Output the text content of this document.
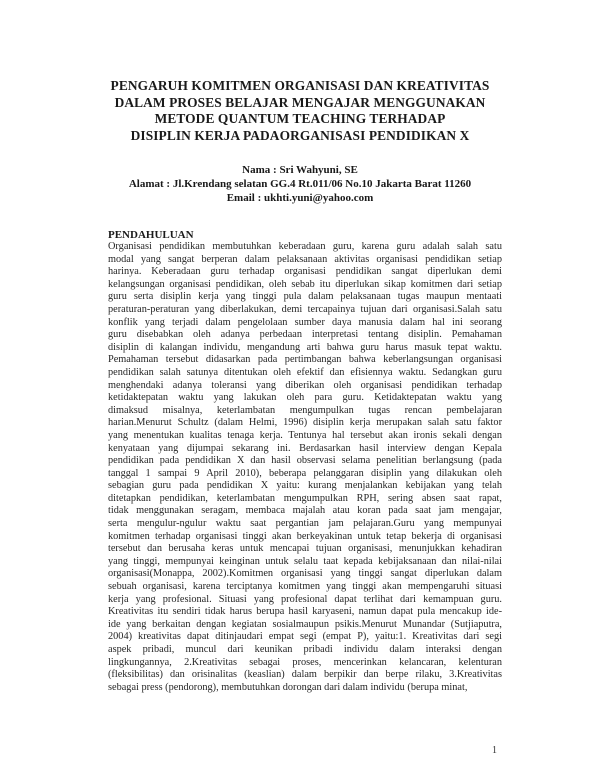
PENGARUH KOMITMEN ORGANISASI DAN KREATIVITAS
DALAM PROSES BELAJAR MENGAJAR MENGGUNAKAN
METODE QUANTUM TEACHING TERHADAP
DISIPLIN KERJA PADAORGANISASI PENDIDIKAN X
Nama : Sri Wahyuni, SE
Alamat : Jl.Krendang selatan GG.4 Rt.011/06 No.10 Jakarta Barat 11260
Email : ukhti.yuni@yahoo.com
PENDAHULUAN
Organisasi pendidikan membutuhkan keberadaan guru, karena guru adalah salah satu
modal yang sangat berperan dalam pelaksanaan aktivitas organisasi pendidikan setiap
harinya. Keberadaan guru terhadap organisasi pendidikan sangat diperlukan demi
kelangsungan organisasi pendidikan, oleh sebab itu diperlukan sikap komitmen dari setiap
guru serta disiplin kerja yang tinggi pula dalam pelaksanaan tugas maupun mentaati
peraturan-peraturan yang diberlakukan, demi tercapainya tujuan dari organisasi.Salah satu
konflik yang terjadi dalam pengelolaan sumber daya manusia dalam hal ini seorang
guru disebabkan oleh adanya perbedaan interpretasi tentang disiplin. Pemahaman
disiplin di kalangan individu, mengandung arti bahwa guru harus masuk tepat waktu.
Pemahaman tersebut didasarkan pada pertimbangan bahwa keberlangsungan organisasi
pendidikan salah satunya ditentukan oleh efektif dan efisiennya waktu. Sedangkan guru
menghendaki adanya toleransi yang diberikan oleh organisasi pendidikan terhadap
ketidaktepatan waktu yang lakukan oleh para guru. Ketidaktepatan waktu yang
dimaksud misalnya, keterlambatan mengumpulkan tugas rencan pembelajaran
harian.Menurut Schultz (dalam Helmi, 1996) disiplin kerja merupakan salah satu faktor
yang menentukan kualitas tenaga kerja. Tentunya hal tersebut akan ironis sekali dengan
kenyataan yang dijumpai sekarang ini. Berdasarkan hasil interview dengan Kepala
pendidikan pada pendidikan X dan hasil observasi selama penelitian berlangsung (pada
tanggal 1 sampai 9 April 2010), beberapa pelanggaran disiplin yang dilakukan oleh
sebagian guru pada pendidikan X yaitu: kurang menjalankan kebijakan yang telah
ditetapkan pendidikan, keterlambatan mengumpulkan RPH, sering absen saat rapat,
tidak menggunakan seragam, membaca majalah atau koran pada saat jam mengajar,
serta mengulur-ngulur waktu saat pergantian jam pelajaran.Guru yang mempunyai
komitmen terhadap organisasi tinggi akan berkeyakinan untuk tetap bekerja di organisasi
tersebut dan berusaha keras untuk mencapai tujuan organisasi, menunjukkan kehadiran
yang tinggi, mempunyai keinginan untuk selalu taat kepada kebijaksanaan dan nilai-nilai
organisasi(Monappa, 2002).Komitmen organisasi yang tinggi sangat diperlukan dalam
sebuah organisasi, karena terciptanya komitmen yang tinggi akan mempengaruhi situasi
kerja yang profesional. Situasi yang profesional dapat terlihat dari kemampuan guru.
Kreativitas itu sendiri tidak harus berupa hasil karyaseni, namun dapat pula mencakup ide-
ide yang berkaitan dengan kegiatan sosialmaupun psikis.Menurut Munandar (Sutjiaputra,
2004) kreativitas dapat ditinjaudari empat segi (empat P), yaitu:1. Kreativitas dari segi
aspek pribadi, muncul dari keunikan pribadi individu dalam interaksi dengan
lingkungannya, 2.Kreativitas sebagai proses, mencerinkan kelancaran, kelenturan
(fleksibilitas) dan orisinalitas (keaslian) dalam berpikir dan berpe rilaku, 3.Kreativitas
sebagai press (pendorong), membutuhkan dorongan dari dalam individu (berupa minat,
1
